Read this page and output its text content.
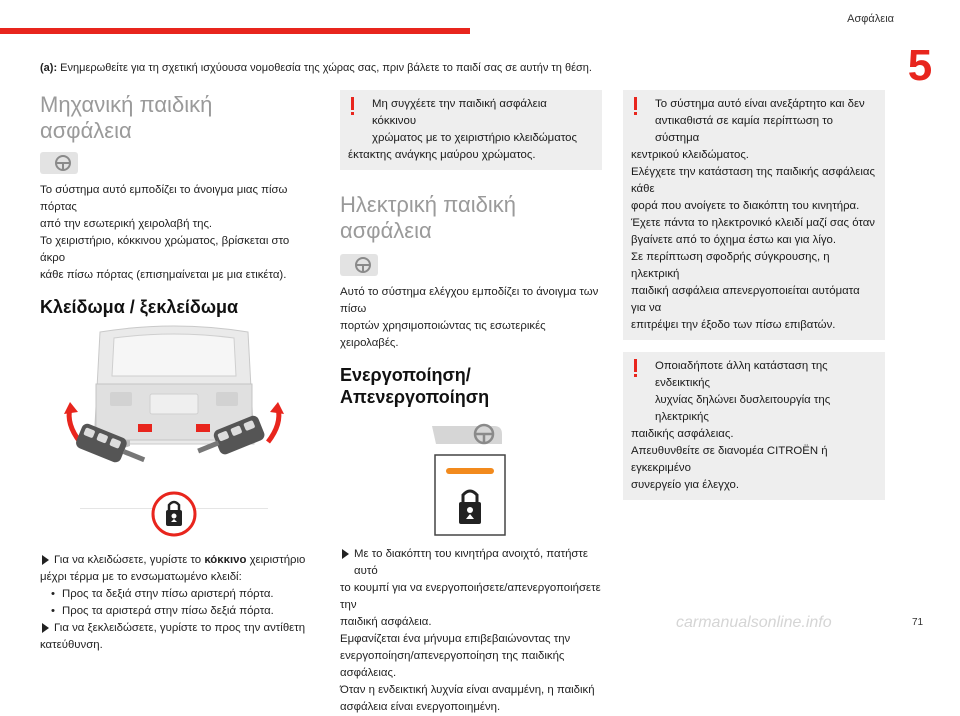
Ασφάλεια
5
(a): Ενημερωθείτε για τη σχετική ισχύουσα νομοθεσία της χώρας σας, πριν βάλετε το παιδί σας σε αυτήν τη θέση.
Μηχανική παιδική ασφάλεια
Το σύστημα αυτό εμποδίζει το άνοιγμα μιας πίσω πόρτας
από την εσωτερική χειρολαβή της.
Το χειριστήριο, κόκκινου χρώματος, βρίσκεται στο άκρο
κάθε πίσω πόρτας (επισημαίνεται με μια ετικέτα).
Κλείδωμα / ξεκλείδωμα
Για να κλειδώσετε, γυρίστε το κόκκινο χειριστήριο
μέχρι τέρμα με το ενσωματωμένο κλειδί:
• Προς τα δεξιά στην πίσω αριστερή πόρτα.
• Προς τα αριστερά στην πίσω δεξιά πόρτα.
Για να ξεκλειδώσετε, γυρίστε το προς την αντίθετη
κατεύθυνση.
Μη συγχέετε την παιδική ασφάλεια κόκκινου
χρώματος με το χειριστήριο κλειδώματος
έκτακτης ανάγκης μαύρου χρώματος.
Ηλεκτρική παιδική ασφάλεια
Αυτό το σύστημα ελέγχου εμποδίζει το άνοιγμα των πίσω
πορτών χρησιμοποιώντας τις εσωτερικές χειρολαβές.
Ενεργοποίηση/Απενεργοποίηση
Με το διακόπτη του κινητήρα ανοιχτό, πατήστε αυτό
το κουμπί για να ενεργοποιήσετε/απενεργοποιήσετε την
παιδική ασφάλεια.
Εμφανίζεται ένα μήνυμα επιβεβαιώνοντας την
ενεργοποίηση/απενεργοποίηση της παιδικής ασφάλειας.
Όταν η ενδεικτική λυχνία είναι αναμμένη, η παιδική
ασφάλεια είναι ενεργοποιημένη.
Το σύστημα αυτό είναι ανεξάρτητο και δεν
αντικαθιστά σε καμία περίπτωση το σύστημα
κεντρικού κλειδώματος.
Ελέγχετε την κατάσταση της παιδικής ασφάλειας κάθε
φορά που ανοίγετε το διακόπτη του κινητήρα.
Έχετε πάντα το ηλεκτρονικό κλειδί μαζί σας όταν
βγαίνετε από το όχημα έστω και για λίγο.
Σε περίπτωση σφοδρής σύγκρουσης, η ηλεκτρική
παιδική ασφάλεια απενεργοποιείται αυτόματα για να
επιτρέψει την έξοδο των πίσω επιβατών.
Οποιαδήποτε άλλη κατάσταση της ενδεικτικής
λυχνίας δηλώνει δυσλειτουργία της ηλεκτρικής
παιδικής ασφάλειας.
Απευθυνθείτε σε διανομέα CITROËN ή εγκεκριμένο
συνεργείο για έλεγχο.
carmanualsonline.info	71
